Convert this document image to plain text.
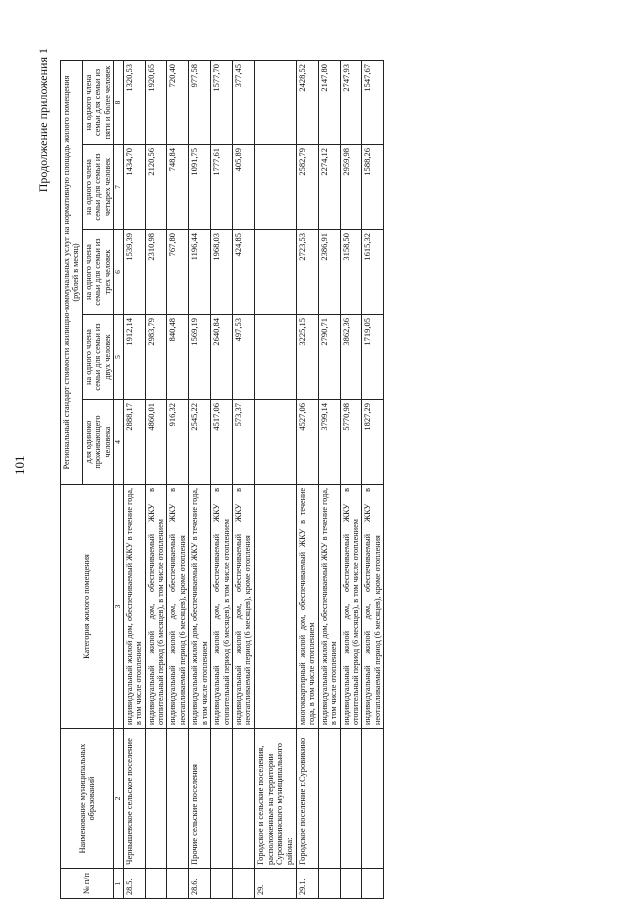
101
Продолжение приложения 1
№ п/п	Наименование муниципальных образований	Категория жилого помещения	Региональный стандарт стоимости жилищно-коммунальных услуг на нормативную площадь жилого помещения (рублей в месяц)				
			для одиноко проживающего человека	на одного члена семьи для семьи из двух человек	на одного члена семьи для семьи из трех человек	на одного члена семьи для семьи из четырех человек	на одного члена семьи для семьи из пяти и более человек
1	2	3	4	5	6	7	8
28.5.	Чернышевское сельское поселение	индивидуальный жилой дом, обеспечиваемый ЖКУ в течение года, в том числе отоплением	2888,17	1912,14	1539,39	1434,70	1320,53
		индивидуальный жилой дом, обеспечиваемый ЖКУ в отопительный период (6 месяцев), в том числе отоплением	4860,01	2983,79	2310,98	2120,56	1920,65
		индивидуальный жилой дом, обеспечиваемый ЖКУ в неотапливаемый период (6 месяцев), кроме отопления	916,32	840,48	767,80	748,84	720,40
28.6.	Прочие сельские поселения	индивидуальный жилой дом, обеспечиваемый ЖКУ в течение года, в том числе отоплением	2545,22	1569,19	1196,44	1091,75	977,58
		индивидуальный жилой дом, обеспечиваемый ЖКУ в отопительный период (6 месяцев), в том числе отоплением	4517,06	2640,84	1968,03	1777,61	1577,70
		индивидуальный жилой дом, обеспечиваемый ЖКУ в неотапливаемый период (6 месяцев), кроме отопления	573,37	497,53	424,85	405,89	377,45
29.	Городское и сельские поселения, расположенные на территории Суровикинского муниципального района:						
29.1.	Городское поселение г.Суровикино	многоквартирный жилой дом, обеспечиваемый ЖКУ в течение года, в том числе отоплением	4527,06	3225,15	2723,53	2582,79	2428,52
		индивидуальный жилой дом, обеспечиваемый ЖКУ в течение года, в том числе отоплением	3799,14	2790,71	2386,91	2274,12	2147,80
		индивидуальный жилой дом, обеспечиваемый ЖКУ в отопительный период (6 месяцев), в том числе отоплением	5770,98	3862,36	3158,50	2959,98	2747,93
		индивидуальный жилой дом, обеспечиваемый ЖКУ в неотапливаемый период (6 месяцев), кроме отопления	1827,29	1719,05	1615,32	1588,26	1547,67
